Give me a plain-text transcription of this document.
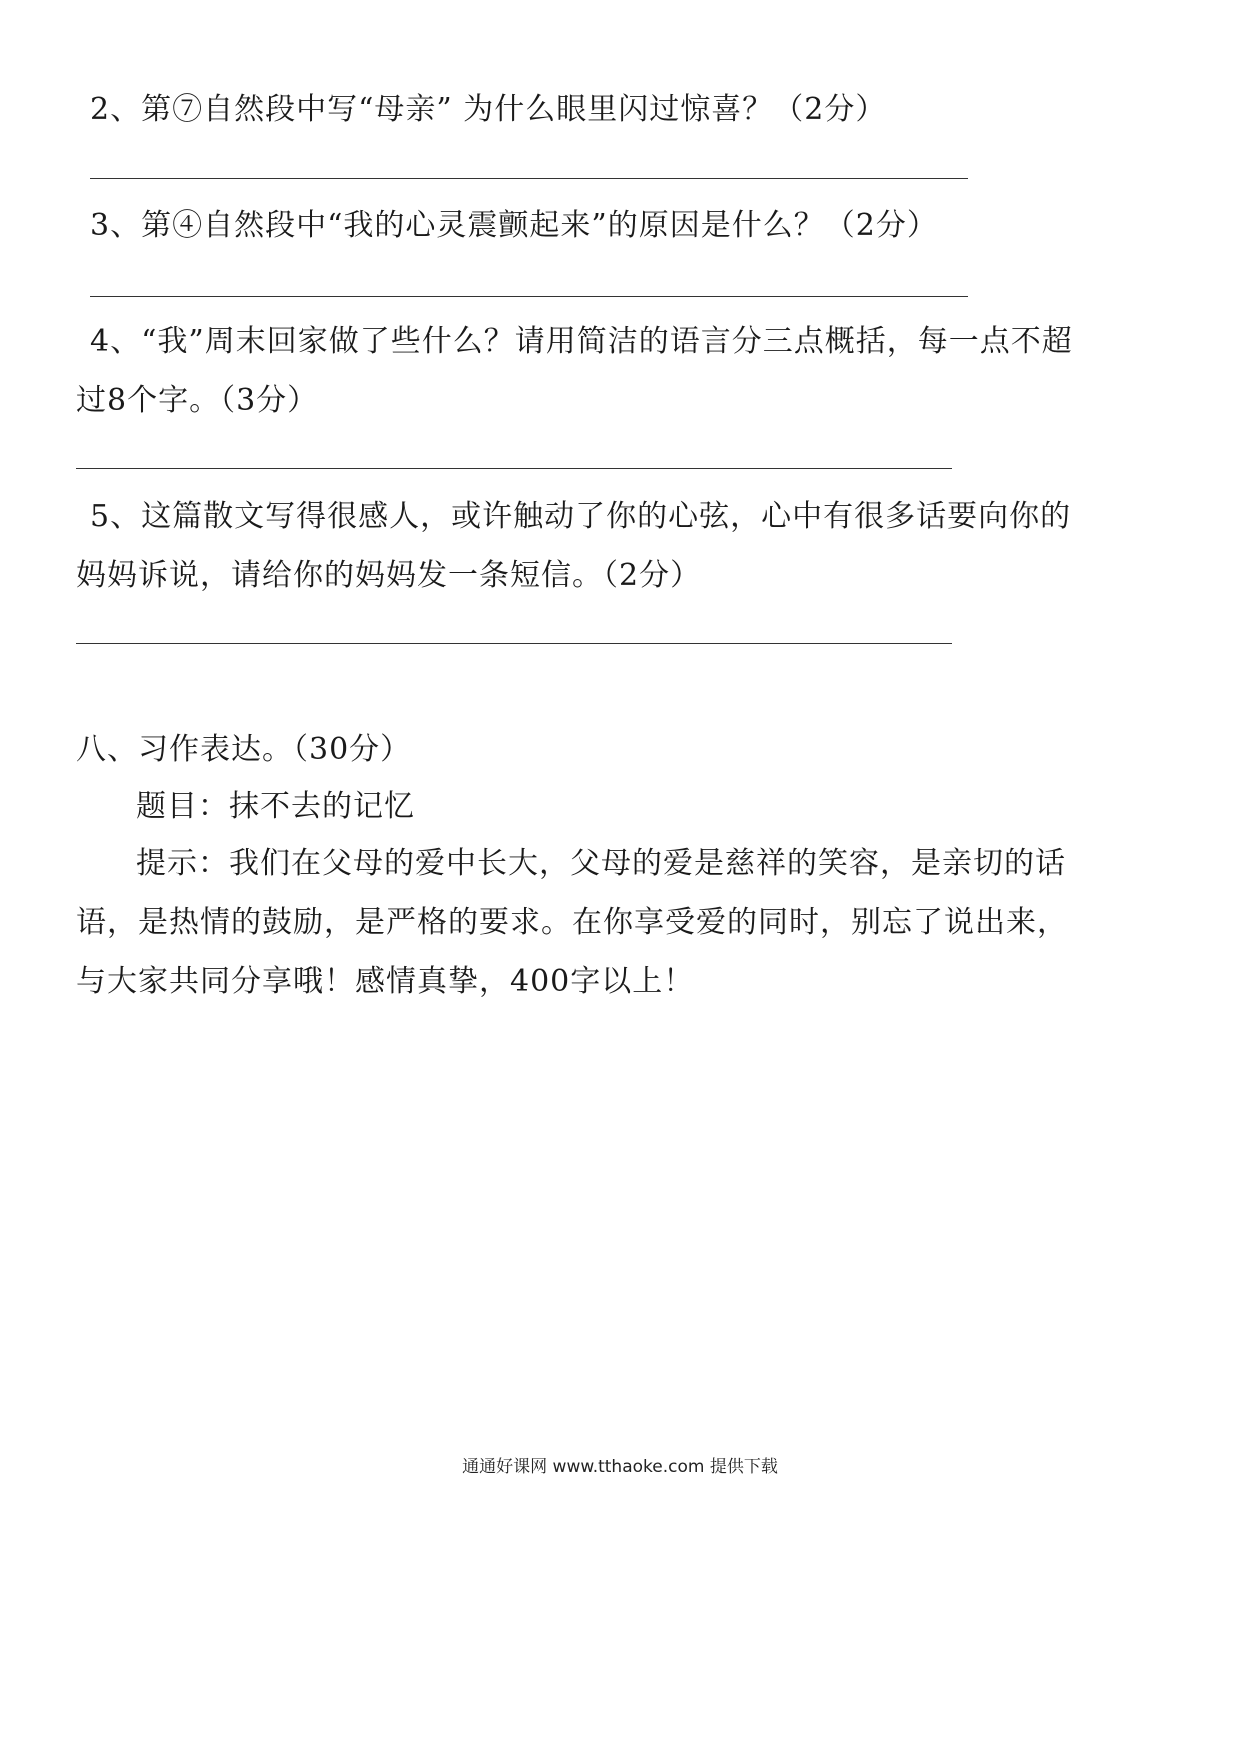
2、第⑦自然段中写“母亲” 为什么眼里闪过惊喜？（2分）
3、第④自然段中“我的心灵震颤起来”的原因是什么？（2分）
4、“我”周末回家做了些什么？请用简洁的语言分三点概括，每一点不超
过8个字。（3分）
5、这篇散文写得很感人，或许触动了你的心弦，心中有很多话要向你的
妈妈诉说，请给你的妈妈发一条短信。（2分）
八、习作表达。（30分）
题目：抹不去的记忆
提示：我们在父母的爱中长大，父母的爱是慈祥的笑容，是亲切的话
语，是热情的鼓励，是严格的要求。在你享受爱的同时，别忘了说出来，
与大家共同分享哦！感情真挚，400字以上！
通通好课网 www.tthaoke.com 提供下载
